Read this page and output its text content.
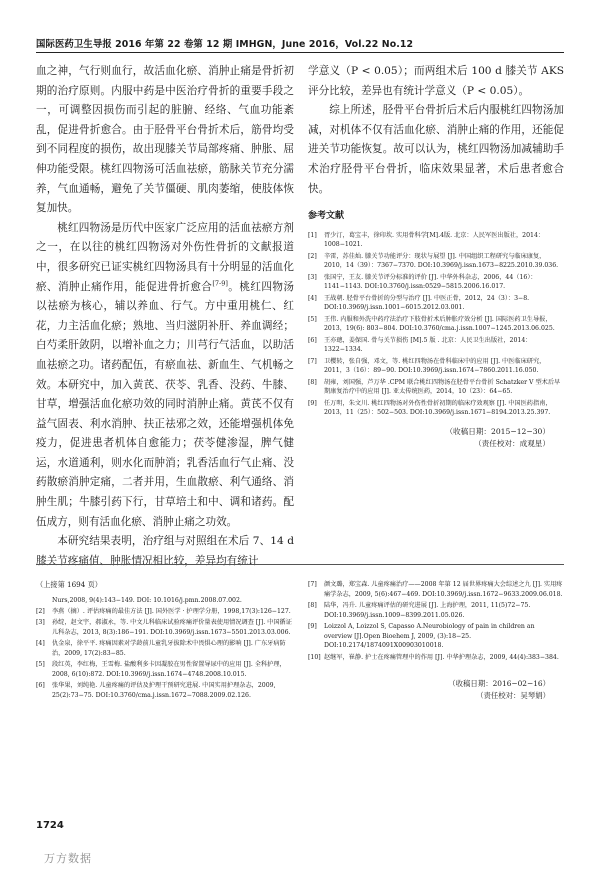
国际医药卫生导报 2016 年第 22 卷第 12 期 IMHGN，June 2016，Vol.22 No.12

血之神，气行则血行，故活血化瘀、消肿止痛是骨折初期的治疗原则。内服中药是中医治疗骨折的重要手段之一，可调整因损伤而引起的脏腑、经络、气血功能紊乱，促进骨折愈合。由于胫骨平台骨折术后，筋骨均受到不同程度的损伤，故出现膝关节局部疼痛、肿胀、屈伸功能受限。桃红四物汤可活血祛瘀，筋脉关节充分濡养，气血通畅，避免了关节僵硬、肌肉萎缩，使肢体恢复加快。

桃红四物汤是历代中医家广泛应用的活血祛瘀方剂之一，在以往的桃红四物汤对外伤性骨折的文献报道中，很多研究已证实桃红四物汤具有十分明显的活血化瘀、消肿止痛作用，能促进骨折愈合[7-9]。桃红四物汤以祛瘀为核心，辅以养血、行气。方中重用桃仁、红花，力主活血化瘀；熟地、当归滋阴补肝、养血调经；白芍柔肝敛阴，以增补血之力；川芎行气活血，以助活血祛瘀之功。诸药配伍，有瘀血祛、新血生、气机畅之效。本研究中，加入黄芪、茯苓、乳香、没药、牛膝、甘草，增强活血化瘀功效的同时消肿止痛。黄芪不仅有益气固表、利水消肿、扶正祛邪之效，还能增强机体免疫力，促进患者机体自愈能力；茯苓健渗湿，脾气健运，水道通利，则水化而肿消；乳香活血行气止痛、没药散瘀消肿定痛，二者并用，生血散瘀、利气通络、消肿生肌；牛膝引药下行，甘草培土和中、调和诸药。配伍成方，则有活血化瘀、消肿止痛之功效。

本研究结果表明，治疗组与对照组在术后 7、14 d 膝关节疼痛值、肿胀情况相比较，差异均有统计

学意义（P < 0.05）；而两组术后 100 d 膝关节 AKS 评分比较，差异也有统计学意义（P < 0.05）。

综上所述，胫骨平台骨折后术后内服桃红四物汤加减，对机体不仅有活血化瘀、消肿止痛的作用，还能促进关节功能恢复。故可以认为，桃红四物汤加减辅助手术治疗胫骨平台骨折，临床效果显著，术后患者愈合快。

参考文献
[1]	胥少汀，葛宝丰，徐印坎. 实用骨科学[M].4版. 北京：人民军医出版社，2014：1008−1021.
[2]	辛雷，苏佳灿. 膝关节功能评分：现状与展望 [J]. 中国组织工程研究与临床康复，2010，14（39）：7367−7370. DOI:10.3969/j.issn.1673−8225.2010.39.036.
[3]	张国宁，王友. 膝关节评分标准的评价 [J]. 中华外科杂志，2006，44（16）：1141−1143. DOI:10.3760/j.issn:0529−5815.2006.16.017.
[4]	王战朝. 胫骨平台骨折的分型与治疗 [J]. 中医正骨，2012，24（3）：3−8. DOI:10.3969/j.issn.1001−6015.2012.03.001.
[5]	王伟. 内服和外洗中药疗法治疗下肢骨折术后肿胀疗效分析 [J]. 国际医药卫生导报，2013，19(6): 803−804. DOI:10.3760/cma.j.issn.1007−1245.2013.06.025.
[6]	王亦璁，姜保国. 骨与关节损伤 [M].5 版 . 北京：人民卫生出版社，2014：1322−1334.
[7]	卫樱转，张自强，邓文，等. 桃红四物汤在骨科临床中的应用 [J]. 中医临床研究，2011，3（16）：89−90. DOI:10.3969/j.issn.1674−7860.2011.16.050.
[8]	胡雍，刘国强，芦万华 .CPM 联合桃红四物汤在胫骨平台骨折 Schatzker V 型术后早期康复治疗中的应用 [J]. 亚太传统医药，2014，10（23）：64−65.
[9]	任万明，朱文川. 桃红四物汤对外伤性骨折初期的临床疗效观察 [J]. 中国医药指南，2013，11（25）：502−503. DOI:10.3969/j.issn.1671−8194.2013.25.397.
（收稿日期：2015−12−30）
（责任校对：成观星）
（上接第 1694 页）
Nurs,2008, 9(4):143−149. DOI: 10.1016/j.pmn.2008.07.002.
[2]	李燕（摘）. 评估疼痛的最佳方法 [J]. 国外医学 · 护理学分册，1998,17(3):126−127.
[3]	孙绽，赵文宇，郝淑永，等. 中文儿科临床试验疼痛评价量表使用情况调查 [J]. 中国循证儿科杂志，2013, 8(3):186−191. DOI:10.3969/j.issn.1673−5501.2013.03.006.
[4]	仇金泉，徐平平. 疼痛因素对学龄前儿童乳牙拔除术中畏惧心理的影响 [J]. 广东牙病防治，2009, 17(2):83−85.
[5]	段红英，李红梅，王雪梅. 盐酸利多卡因凝胶在男性留置导尿中的应用 [J]. 全科护理，2008, 6(10):872. DOI:10.3969/j.issn.1674−4748.2008.10.015.
[6]	张华果，刘纯艳. 儿童疼痛的评估及护理干预研究进展. 中国实用护理杂志，2009, 25(2):73−75. DOI:10.3760/cma.j.issn.1672−7088.2009.02.126.
[7]	颜文璐，郑宝森. 儿童疼痛治疗——2008 年第 12 届世界疼痛大会综述之九 [J]. 实用疼痛学杂志，2009, 5(6):467−469. DOI:10.3969/j.issn.1672−9633.2009.06.018.
[8]	陆华，冯升. 儿童疼痛评估的研究进展 [J]. 上海护理，2011, 11(5)72−75. DOI:10.3969/j.issn.1009−8399.2011.05.026.
[9]	Loizzol A, Loizzol S, Capasso A.Neurobiology of pain in children an overview [J].Open Bioehem J, 2009, (3):18−25. DOI:10.2174/1874091X00903010018.
[10] 赵继军，崔静. 护士在疼痛管理中的作用 [J]. 中华护理杂志，2009, 44(4):383−384.
（收稿日期：2016−02−16）
（责任校对：吴琴娟）
1724
万方数据
